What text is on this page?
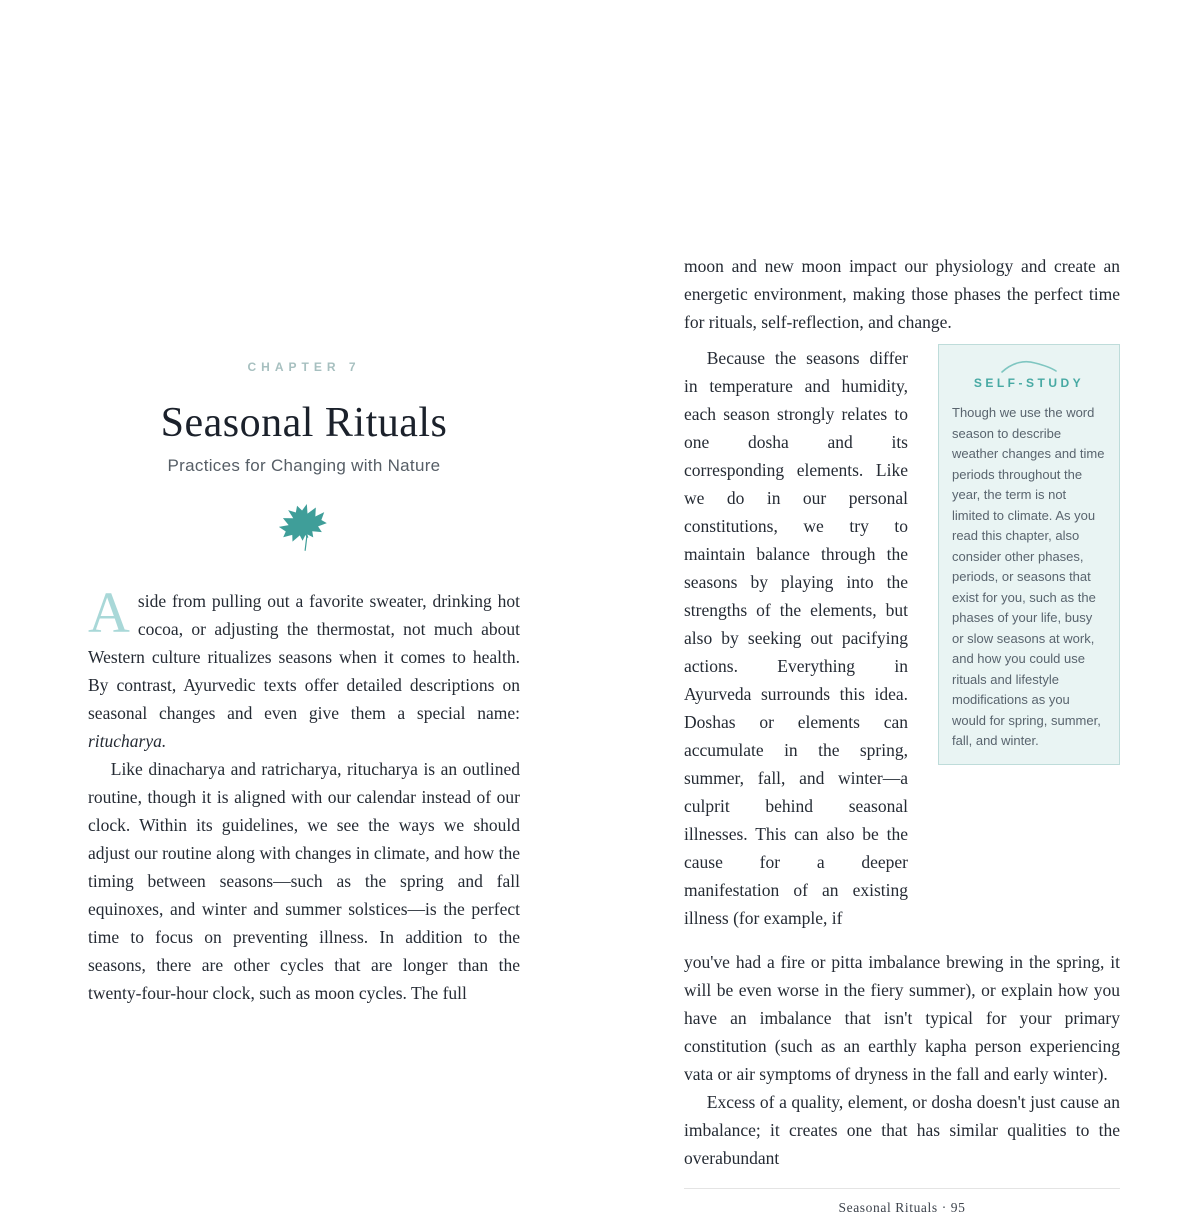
CHAPTER 7
Seasonal Rituals
Practices for Changing with Nature

Aside from pulling out a favorite sweater, drinking hot cocoa, or adjusting the thermostat, not much about Western culture ritualizes seasons when it comes to health. By contrast, Ayurvedic texts offer detailed descriptions on seasonal changes and even give them a special name: ritucharya.

Like dinacharya and ratricharya, ritucharya is an outlined routine, though it is aligned with our calendar instead of our clock. Within its guidelines, we see the ways we should adjust our routine along with changes in climate, and how the timing between seasons—such as the spring and fall equinoxes, and winter and summer solstices—is the perfect time to focus on preventing illness. In addition to the seasons, there are other cycles that are longer than the twenty-four-hour clock, such as moon cycles. The full

moon and new moon impact our physiology and create an energetic environment, making those phases the perfect time for rituals, self-reflection, and change.

Because the seasons differ in temperature and humidity, each season strongly relates to one dosha and its corresponding elements. Like we do in our personal constitutions, we try to maintain balance through the seasons by playing into the strengths of the elements, but also by seeking out pacifying actions. Everything in Ayurveda surrounds this idea. Doshas or elements can accumulate in the spring, summer, fall, and winter—a culprit behind seasonal illnesses. This can also be the cause for a deeper manifestation of an existing illness (for example, if

SELF-STUDY
Though we use the word season to describe weather changes and time periods throughout the year, the term is not limited to climate. As you read this chapter, also consider other phases, periods, or seasons that exist for you, such as the phases of your life, busy or slow seasons at work, and how you could use rituals and lifestyle modifications as you would for spring, summer, fall, and winter.

you've had a fire or pitta imbalance brewing in the spring, it will be even worse in the fiery summer), or explain how you have an imbalance that isn't typical for your primary constitution (such as an earthly kapha person experiencing vata or air symptoms of dryness in the fall and early winter).

Excess of a quality, element, or dosha doesn't just cause an imbalance; it creates one that has similar qualities to the overabundant

Seasonal Rituals · 95
